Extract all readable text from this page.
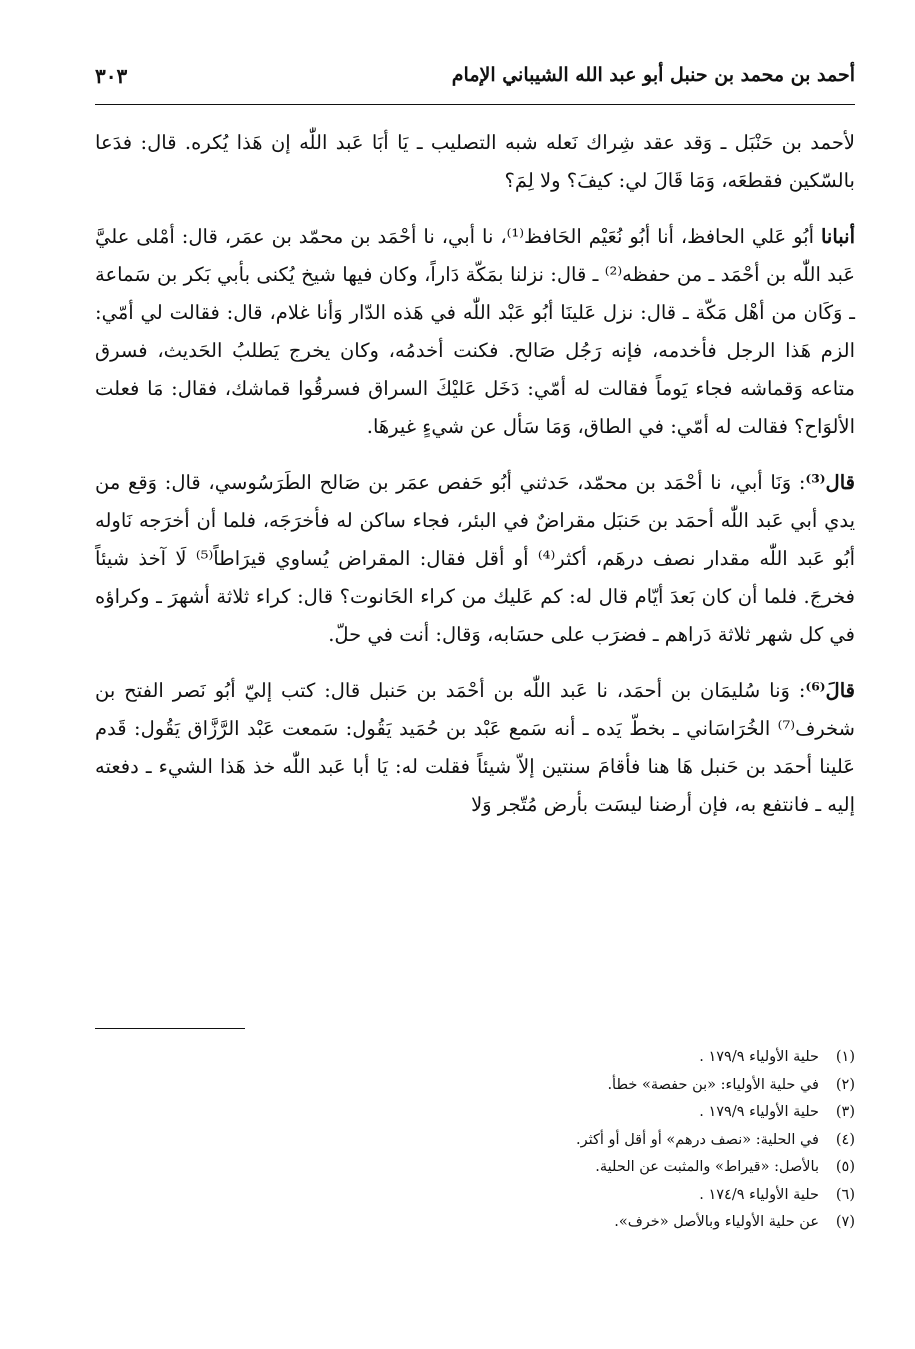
أحمد بن محمد بن حنبل أبو عبد الله الشيباني الإمام
٣٠٣

لأحمد بن حَنْبَل ـ وَقد عقد شِراك نَعله شبه التصليب ـ يَا أبَا عَبد اللّٰه إن هَذا يُكره. قال: فدَعا بالسّكين فقطعَه، وَمَا قَالَ لي: كيفَ؟ ولا لِمَ؟

أنبانا أبُو عَلي الحافظ، أنا أبُو نُعَيْم الحَافظ⁽¹⁾، نا أبي، نا أحْمَد بن محمّد بن عمَر، قال: أمْلى عليَّ عَبد اللّٰه بن أحْمَد ـ من حفظه⁽²⁾ ـ قال: نزلنا بمَكّة دَاراً، وكان فيها شيخ يُكنى بأبي بَكر بن سَماعة ـ وَكَان من أهْل مَكّة ـ قال: نزل عَلينَا أبُو عَبْد اللّٰه في هَذه الدّار وَأنا غلام، قال: فقالت لي أمّي: الزم هَذا الرجل فأخدمه، فإنه رَجُل صَالح. فكنت أخدمُه، وكان يخرج يَطلبُ الحَديث، فسرق متاعه وَقماشه فجاء يَوماً فقالت له أمّي: دَخَل عَليْكَ السراق فسرقُوا قماشك، فقال: مَا فعلت الألوَاح؟ فقالت له أمّي: في الطاق، وَمَا سَأل عن شيءٍ غيرهَا.

قال⁽³⁾: وَنَا أبي، نا أحْمَد بن محمّد، حَدثني أبُو حَفص عمَر بن صَالح الطَرَسُوسي، قال: وَقع من يدي أبي عَبد اللّٰه أحمَد بن حَنبَل مقراضٌ في البئر، فجاء ساكن له فأخرَجَه، فلما أن أخرَجه نَاوله أبُو عَبد اللّٰه مقدار نصف درهَم، أكثر⁽⁴⁾ أو أقل فقال: المقراض يُساوي قيرَاطاً⁽⁵⁾ لَا آخذ شيئاً فخرجَ. فلما أن كان بَعدَ أيّام قال له: كم عَليك من كراء الحَانوت؟ قال: كراء ثلاثة أشهرَ ـ وكراؤه في كل شهر ثلاثة دَراهم ـ فضرَب على حسَابه، وَقال: أنت في حلّ.

قالَ⁽⁶⁾: وَنا سُليمَان بن أحمَد، نا عَبد اللّٰه بن أحْمَد بن حَنبل قال: كتب إليّ أبُو نَصر الفتح بن شخرف⁽⁷⁾ الخُرَاسَاني ـ بخطّ يَده ـ أنه سَمع عَبْد بن حُمَيد يَقُول: سَمعت عَبْد الرَّزَّاق يَقُول: قَدم عَلينا أحمَد بن حَنبل هَا هنا فأقامَ سنتين إلاّ شيئاً فقلت له: يَا أبا عَبد اللّٰه خذ هَذا الشيء ـ دفعته إليه ـ فانتفع به، فإن أرضنا ليسَت بأرض مُتّجر وَلا

(١)حلية الأولياء ١٧٩/٩ .
(٢)في حلية الأولياء: «بن حفصة» خطأ.
(٣)حلية الأولياء ١٧٩/٩ .
(٤)في الحلية: «نصف درهم» أو أقل أو أكثر.
(٥)بالأصل: «قيراط» والمثبت عن الحلية.
(٦)حلية الأولياء ١٧٤/٩ .
(٧)عن حلية الأولياء وبالأصل «خرف».
